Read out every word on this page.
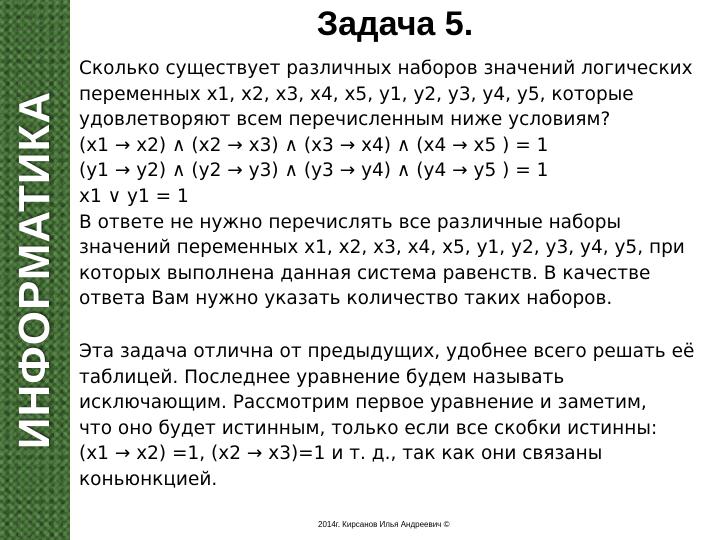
ИНФОРМАТИКА
Задача 5.
Сколько существует различных наборов значений логических
переменных x1, x2, x3, x4, x5, y1, y2, y3, y4, y5, которые
удовлетворяют всем перечисленным ниже условиям?
(x1 → x2) ∧ (x2 → x3) ∧ (x3 → x4) ∧ (x4 → x5 ) = 1
(y1 → y2) ∧ (y2 → y3) ∧ (y3 → y4) ∧ (y4 → y5 ) = 1
x1 ∨ y1 = 1
В ответе не нужно перечислять все различные наборы
значений переменных x1, x2, x3, x4, x5, y1, y2, y3, y4, y5, при
которых выполнена данная система равенств. В качестве
ответа Вам нужно указать количество таких наборов.
Эта задача отлична от предыдущих, удобнее всего решать её
таблицей. Последнее уравнение будем называть
исключающим. Рассмотрим первое уравнение и заметим,
что оно будет истинным, только если все скобки истинны:
(x1 → x2) =1, (x2 → x3)=1 и т. д., так как они связаны
коньюнкцией.
2014г. Кирсанов Илья Андреевич ©
